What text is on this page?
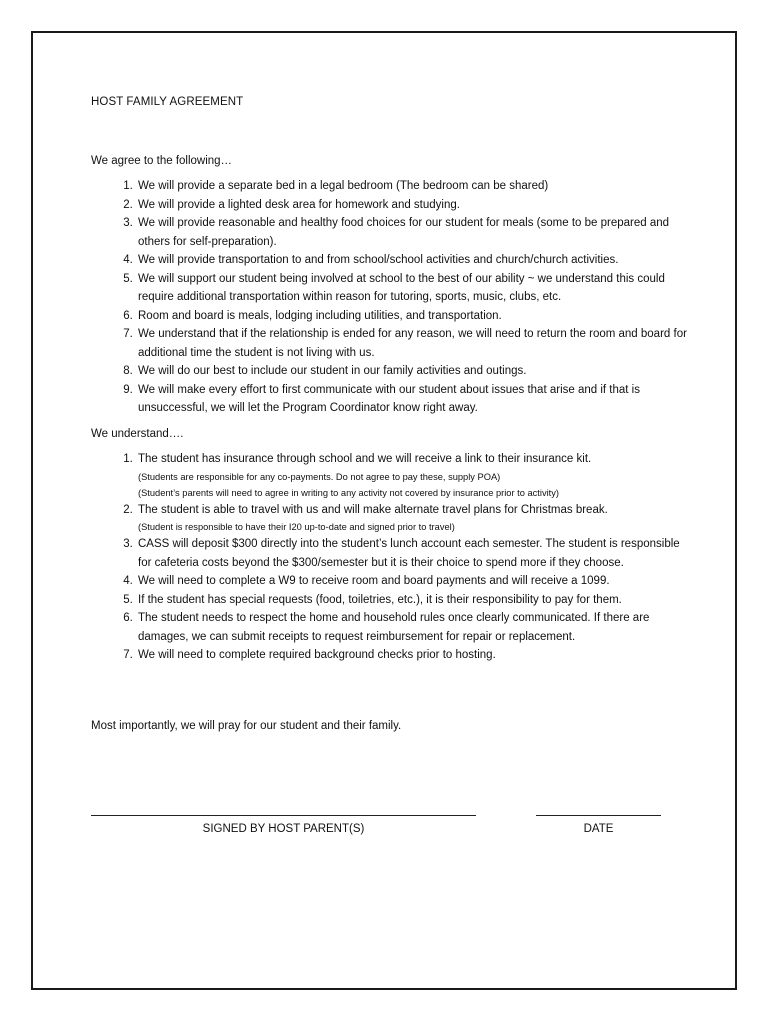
HOST FAMILY AGREEMENT

We agree to the following…

1. We will provide a separate bed in a legal bedroom (The bedroom can be shared)
2. We will provide a lighted desk area for homework and studying.
3. We will provide reasonable and healthy food choices for our student for meals (some to be prepared and others for self-preparation).
4. We will provide transportation to and from school/school activities and church/church activities.
5. We will support our student being involved at school to the best of our ability ~ we understand this could require additional transportation within reason for tutoring, sports, music, clubs, etc.
6. Room and board is meals, lodging including utilities, and transportation.
7. We understand that if the relationship is ended for any reason, we will need to return the room and board for additional time the student is not living with us.
8. We will do our best to include our student in our family activities and outings.
9. We will make every effort to first communicate with our student about issues that arise and if that is unsuccessful, we will let the Program Coordinator know right away.

We understand….

1. The student has insurance through school and we will receive a link to their insurance kit.
(Students are responsible for any co-payments. Do not agree to pay these, supply POA)
(Student’s parents will need to agree in writing to any activity not covered by insurance prior to activity)
2. The student is able to travel with us and will make alternate travel plans for Christmas break.
(Student is responsible to have their I20 up-to-date and signed prior to travel)
3. CASS will deposit $300 directly into the student’s lunch account each semester. The student is responsible for cafeteria costs beyond the $300/semester but it is their choice to spend more if they choose.
4. We will need to complete a W9 to receive room and board payments and will receive a 1099.
5. If the student has special requests (food, toiletries, etc.), it is their responsibility to pay for them.
6. The student needs to respect the home and household rules once clearly communicated. If there are damages, we can submit receipts to request reimbursement for repair or replacement.
7. We will need to complete required background checks prior to hosting.

Most importantly, we will pray for our student and their family.

SIGNED BY HOST PARENT(S)	DATE
